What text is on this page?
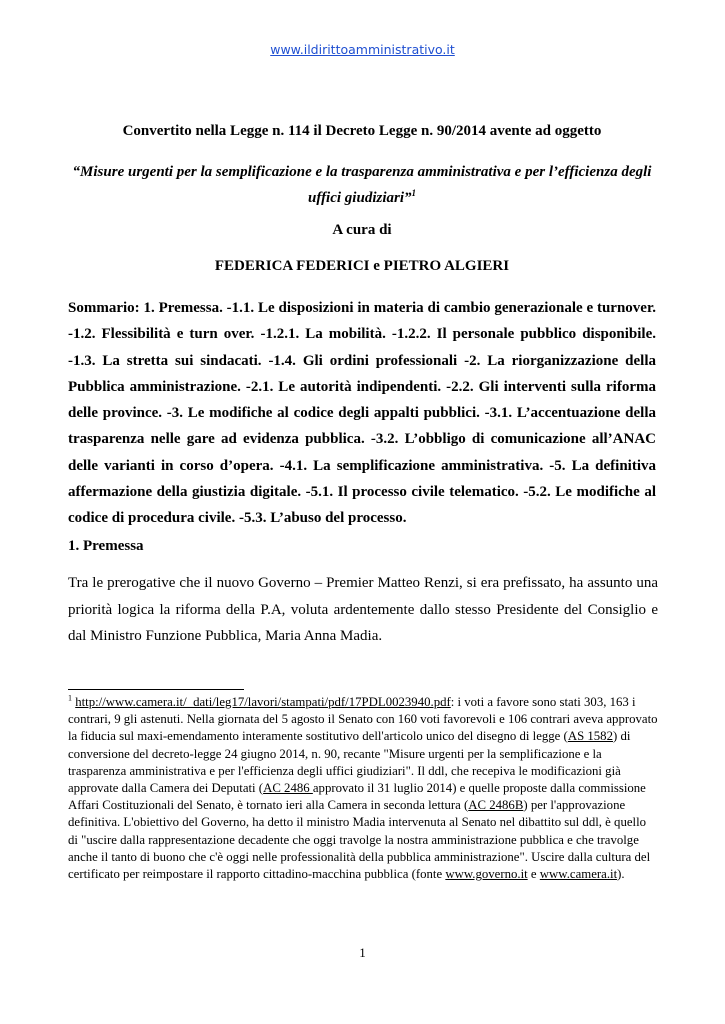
www.ildirittoamministrativo.it
Convertito nella Legge n. 114 il Decreto Legge n. 90/2014 avente ad oggetto
“Misure urgenti per la semplificazione e la trasparenza amministrativa e per l’efficienza degli uffici giudiziari”$^1$
A cura di
FEDERICA FEDERICI e PIETRO ALGIERI
Sommario: 1. Premessa. -1.1. Le disposizioni in materia di cambio generazionale e turnover. -1.2. Flessibilità e turn over. -1.2.1. La mobilità. -1.2.2. Il personale pubblico disponibile. -1.3. La stretta sui sindacati. -1.4. Gli ordini professionali -2. La riorganizzazione della Pubblica amministrazione. -2.1. Le autorità indipendenti. -2.2. Gli interventi sulla riforma delle province. -3. Le modifiche al codice degli appalti pubblici. -3.1. L’accentuazione della trasparenza nelle gare ad evidenza pubblica. -3.2. L’obbligo di comunicazione all’ANAC delle varianti in corso d’opera. -4.1. La semplificazione amministrativa. -5. La definitiva affermazione della giustizia digitale. -5.1. Il processo civile telematico. -5.2. Le modifiche al codice di procedura civile. -5.3. L’abuso del processo.
1. Premessa
Tra le prerogative che il nuovo Governo – Premier Matteo Renzi, si era prefissato, ha assunto una priorità logica la riforma della P.A, voluta ardentemente dallo stesso Presidente del Consiglio e dal Ministro Funzione Pubblica, Maria Anna Madia.
$^1$ http://www.camera.it/_dati/leg17/lavori/stampati/pdf/17PDL0023940.pdf: i voti a favore sono stati 303, 163 i contrari, 9 gli astenuti. Nella giornata del 5 agosto il Senato con 160 voti favorevoli e 106 contrari aveva approvato la fiducia sul maxi-emendamento interamente sostitutivo dell'articolo unico del disegno di legge (AS 1582) di conversione del decreto-legge 24 giugno 2014, n. 90, recante "Misure urgenti per la semplificazione e la trasparenza amministrativa e per l'efficienza degli uffici giudiziari". Il ddl, che recepiva le modificazioni già approvate dalla Camera dei Deputati (AC 2486 approvato il 31 luglio 2014) e quelle proposte dalla commissione Affari Costituzionali del Senato, è tornato ieri alla Camera in seconda lettura (AC 2486B) per l'approvazione definitiva. L'obiettivo del Governo, ha detto il ministro Madia intervenuta al Senato nel dibattito sul ddl, è quello di "uscire dalla rappresentazione decadente che oggi travolge la nostra amministrazione pubblica e che travolge anche il tanto di buono che c'è oggi nelle professionalità della pubblica amministrazione". Uscire dalla cultura del certificato per reimpostare il rapporto cittadino-macchina pubblica (fonte www.governo.it e www.camera.it).
1
